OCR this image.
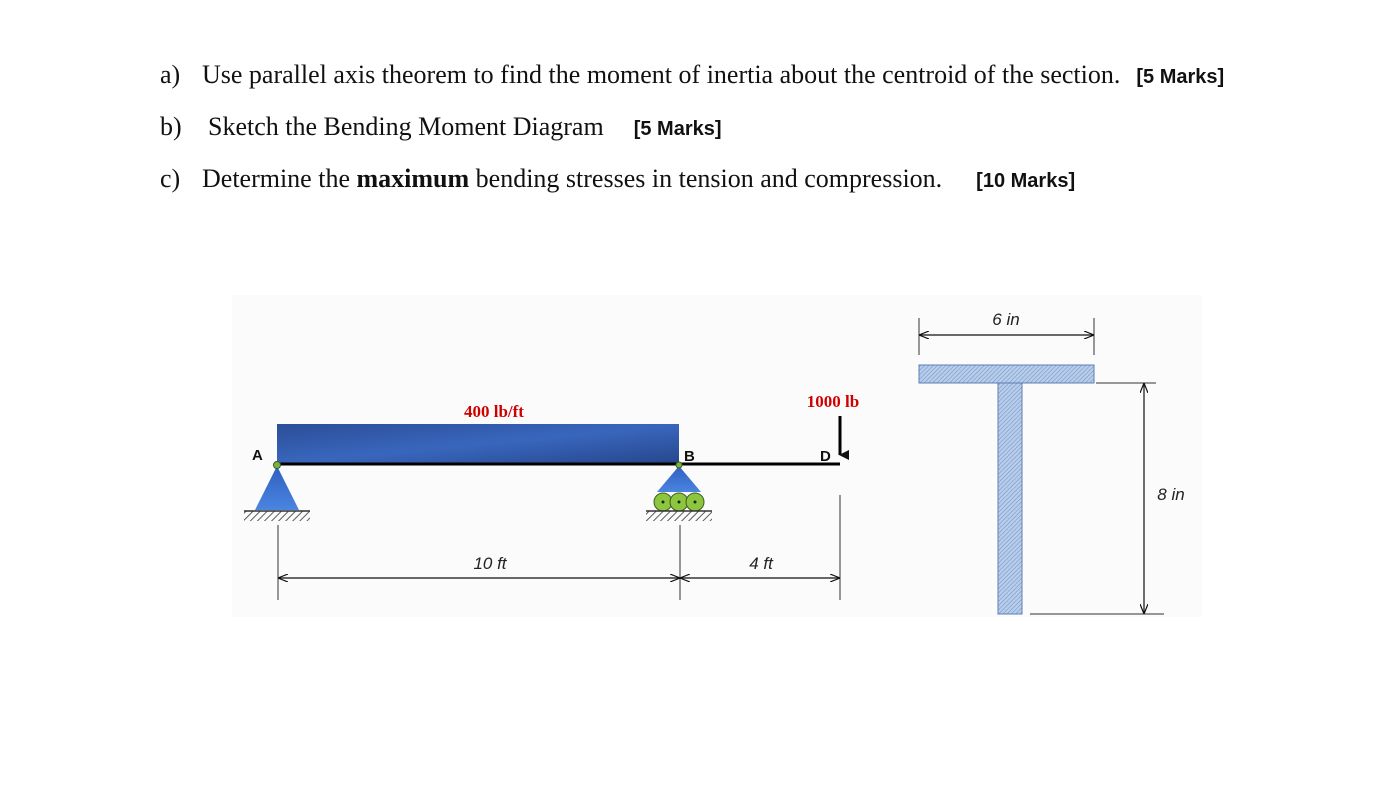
a) Use parallel axis theorem to find the moment of inertia about the centroid of the section. [5 Marks]
b) Sketch the Bending Moment Diagram [5 Marks]
c) Determine the maximum bending stresses in tension and compression. [10 Marks]
400 lb/ft
A	B	D
1000 lb
10 ft	4 ft
6 in
8 in
